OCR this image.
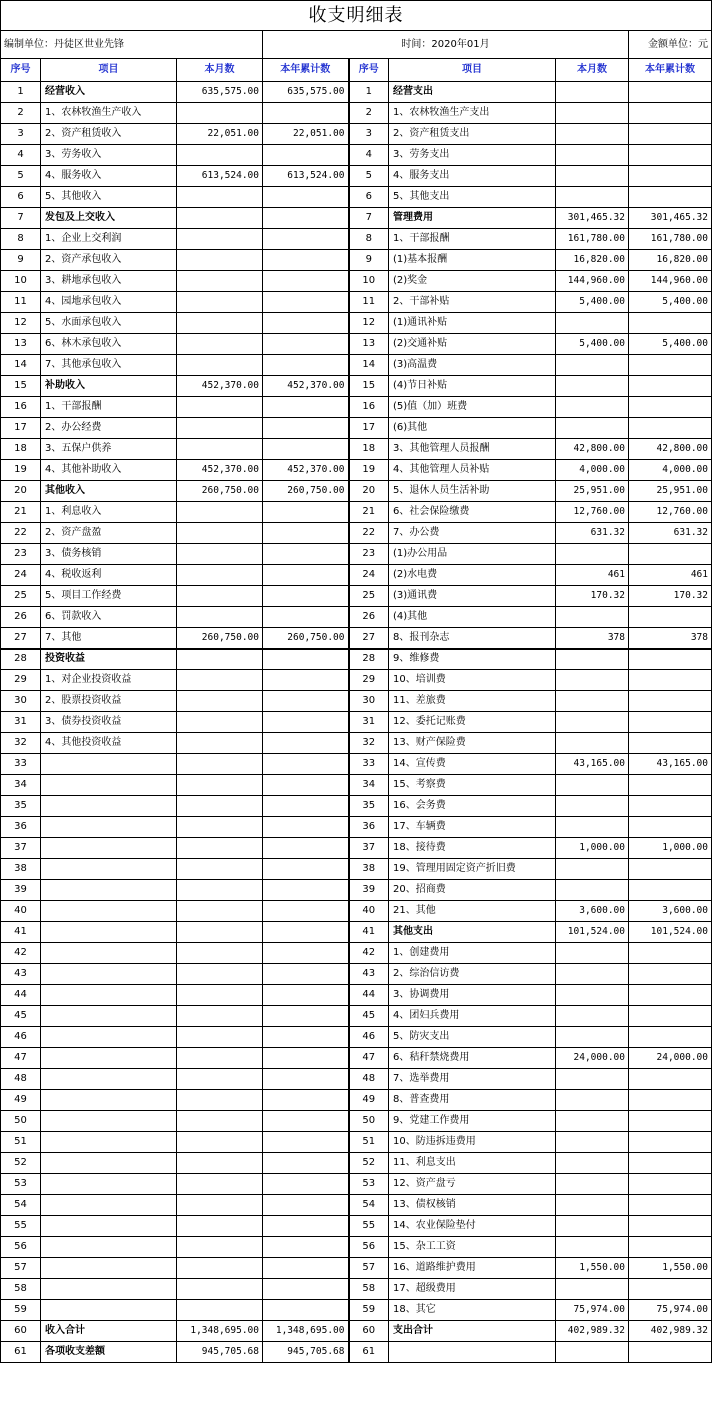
收支明细表							
编制单位：丹徒区世业先锋			时间：2020年01月				金额单位：元
序号	项目	本月数	本年累计数	序号	项目	本月数	本年累计数
1	经营收入	635,575.00	635,575.00	1	经营支出		
2	1、农林牧渔生产收入			2	1、农林牧渔生产支出		
3	2、资产租赁收入	22,051.00	22,051.00	3	2、资产租赁支出		
4	3、劳务收入			4	3、劳务支出		
5	4、服务收入	613,524.00	613,524.00	5	4、服务支出		
6	5、其他收入			6	5、其他支出		
7	发包及上交收入			7	管理费用	301,465.32	301,465.32
8	1、企业上交利润			8	1、干部报酬	161,780.00	161,780.00
9	2、资产承包收入			9	(1)基本报酬	16,820.00	16,820.00
10	3、耕地承包收入			10	(2)奖金	144,960.00	144,960.00
11	4、园地承包收入			11	2、干部补贴	5,400.00	5,400.00
12	5、水面承包收入			12	(1)通讯补贴		
13	6、林木承包收入			13	(2)交通补贴	5,400.00	5,400.00
14	7、其他承包收入			14	(3)高温费		
15	补助收入	452,370.00	452,370.00	15	(4)节日补贴		
16	1、干部报酬			16	(5)值（加）班费		
17	2、办公经费			17	(6)其他		
18	3、五保户供养			18	3、其他管理人员报酬	42,800.00	42,800.00
19	4、其他补助收入	452,370.00	452,370.00	19	4、其他管理人员补贴	4,000.00	4,000.00
20	其他收入	260,750.00	260,750.00	20	5、退休人员生活补助	25,951.00	25,951.00
21	1、利息收入			21	6、社会保险缴费	12,760.00	12,760.00
22	2、资产盘盈			22	7、办公费	631.32	631.32
23	3、债务核销			23	(1)办公用品		
24	4、税收返利			24	(2)水电费	461	461
25	5、项目工作经费			25	(3)通讯费	170.32	170.32
26	6、罚款收入			26	(4)其他		
27	7、其他	260,750.00	260,750.00	27	8、报刊杂志	378	378
28	投资收益			28	9、维修费		
29	1、对企业投资收益			29	10、培训费		
30	2、股票投资收益			30	11、差旅费		
31	3、债券投资收益			31	12、委托记账费		
32	4、其他投资收益			32	13、财产保险费		
33				33	14、宣传费	43,165.00	43,165.00
34				34	15、考察费		
35				35	16、会务费		
36				36	17、车辆费		
37				37	18、接待费	1,000.00	1,000.00
38				38	19、管理用固定资产折旧费		
39				39	20、招商费		
40				40	21、其他	3,600.00	3,600.00
41				41	其他支出	101,524.00	101,524.00
42				42	1、创建费用		
43				43	2、综治信访费		
44				44	3、协调费用		
45				45	4、团妇兵费用		
46				46	5、防灾支出		
47				47	6、秸秆禁烧费用	24,000.00	24,000.00
48				48	7、选举费用		
49				49	8、普查费用		
50				50	9、党建工作费用		
51				51	10、防违拆违费用		
52				52	11、利息支出		
53				53	12、资产盘亏		
54				54	13、债权核销		
55				55	14、农业保险垫付		
56				56	15、杂工工资		
57				57	16、道路维护费用	1,550.00	1,550.00
58				58	17、超级费用		
59				59	18、其它	75,974.00	75,974.00
60	收入合计	1,348,695.00	1,348,695.00	60	支出合计	402,989.32	402,989.32
61	各项收支差额	945,705.68	945,705.68	61			
